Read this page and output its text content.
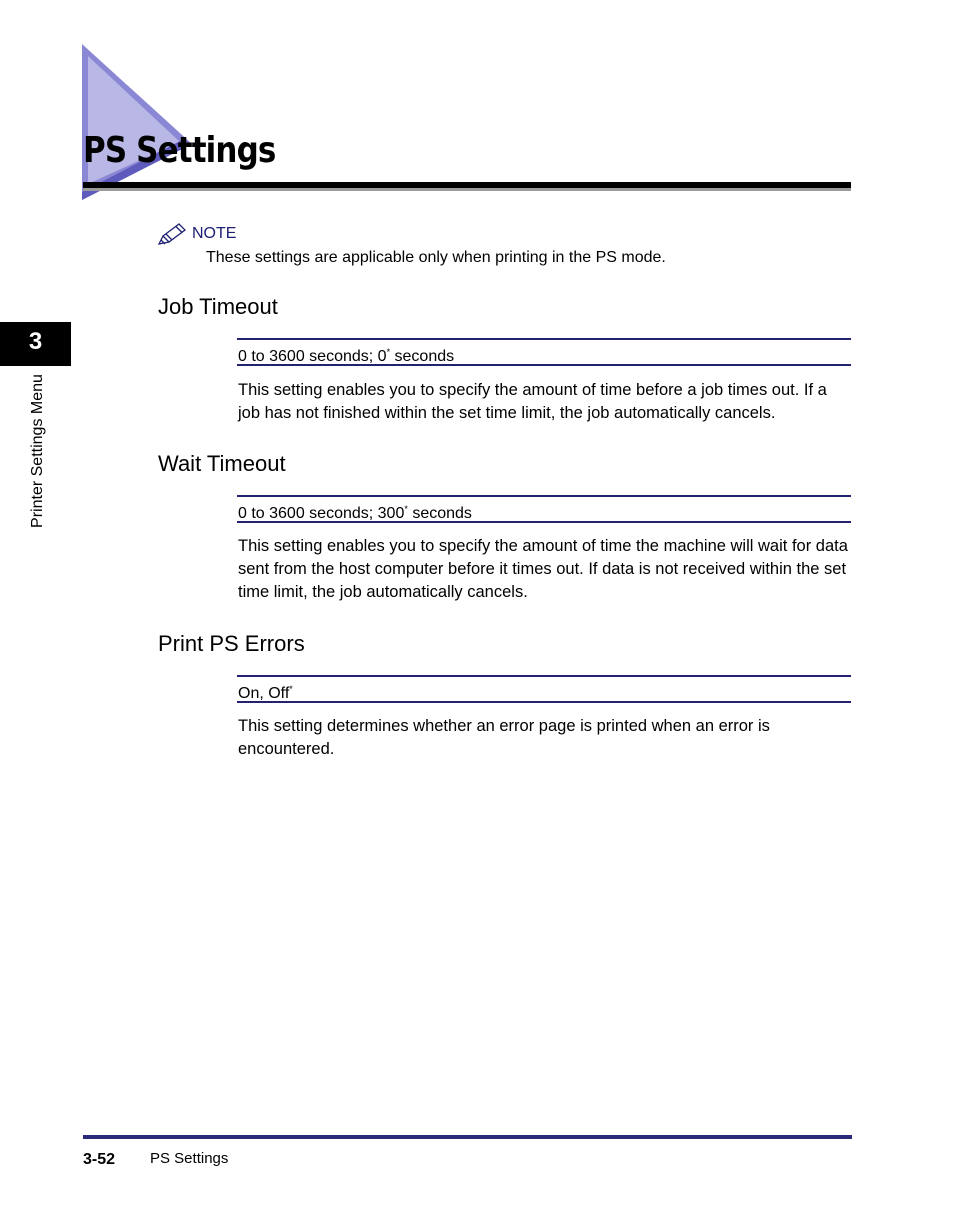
PS Settings
3
Printer Settings Menu
NOTE
These settings are applicable only when printing in the PS mode.
Job Timeout
0 to 3600 seconds; 0* seconds
This setting enables you to specify the amount of time before a job times out. If a job has not finished within the set time limit, the job automatically cancels.
Wait Timeout
0 to 3600 seconds; 300* seconds
This setting enables you to specify the amount of time the machine will wait for data sent from the host computer before it times out. If data is not received within the set time limit, the job automatically cancels.
Print PS Errors
On, Off*
This setting determines whether an error page is printed when an error is encountered.
3-52 PS Settings
